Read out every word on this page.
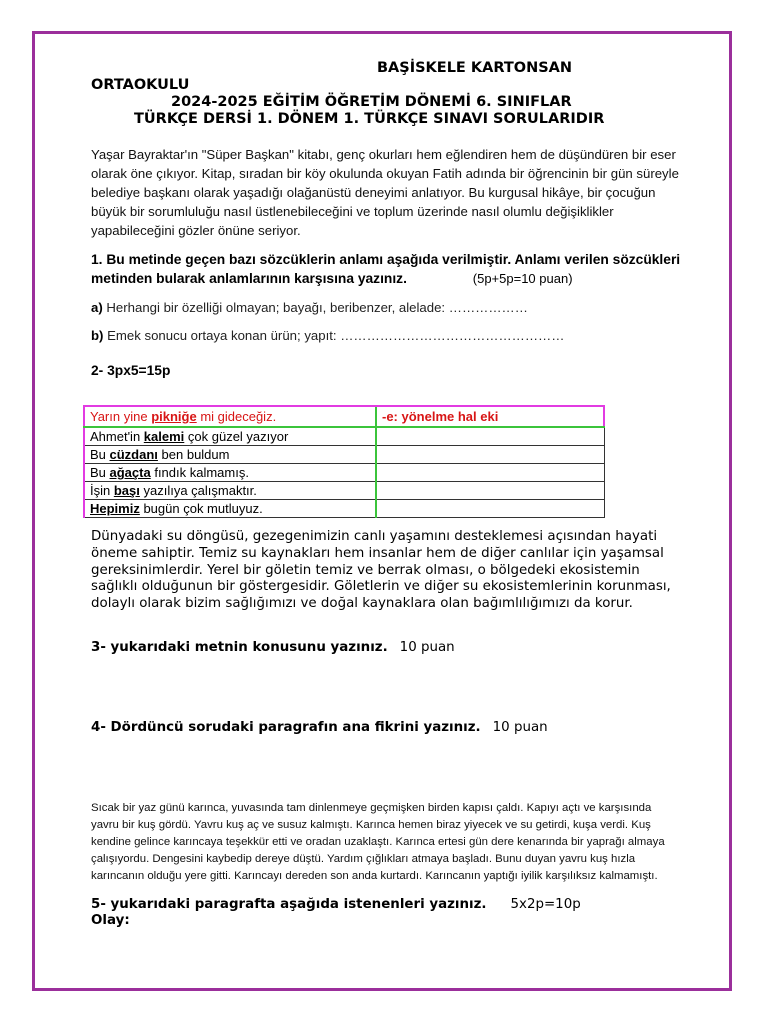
BAŞİSKELE KARTONSAN

ORTAOKULU

2024-2025 EĞİTİM ÖĞRETİM DÖNEMİ 6. SINIFLAR

TÜRKÇE DERSİ 1. DÖNEM 1. TÜRKÇE SINAVI SORULARIDIR

Yaşar Bayraktar'ın "Süper Başkan" kitabı, genç okurları hem eğlendiren hem de düşündüren bir eser olarak öne çıkıyor. Kitap, sıradan bir köy okulunda okuyan Fatih adında bir öğrencinin bir gün süreyle belediye başkanı olarak yaşadığı olağanüstü deneyimi anlatıyor. Bu kurgusal hikâye, bir çocuğun büyük bir sorumluluğu nasıl üstlenebileceğini ve toplum üzerinde nasıl olumlu değişiklikler yapabileceğini gözler önüne seriyor.

1. Bu metinde geçen bazı sözcüklerin anlamı aşağıda verilmiştir. Anlamı verilen sözcükleri metinden bularak anlamlarının karşısına yazınız.	(5p+5p=10 puan)

a) Herhangi bir özelliği olmayan; bayağı, beribenzer, alelade: ………………

b) Emek sonucu ortaya konan ürün; yapıt: ……………………………………………

2- 3px5=15p

Yarın yine pikniğe mi gideceğiz.	-e: yönelme hal eki
Ahmet'in kalemi çok güzel yazıyor	
Bu cüzdanı ben buldum	
Bu ağaçta fındık kalmamış.	
İşin başı yazılıya çalışmaktır.	
Hepimiz bugün çok mutluyuz.	

Dünyadaki su döngüsü, gezegenimizin canlı yaşamını desteklemesi açısından hayati öneme sahiptir. Temiz su kaynakları hem insanlar hem de diğer canlılar için yaşamsal gereksinimlerdir. Yerel bir göletin temiz ve berrak olması, o bölgedeki ekosistemin sağlıklı olduğunun bir göstergesidir. Göletlerin ve diğer su ekosistemlerinin korunması, dolaylı olarak bizim sağlığımızı ve doğal kaynaklara olan bağımlılığımızı da korur.

3- yukarıdaki metnin konusunu yazınız. 10 puan

4- Dördüncü sorudaki paragrafın ana fikrini yazınız. 10 puan

Sıcak bir yaz günü karınca, yuvasında tam dinlenmeye geçmişken birden kapısı çaldı. Kapıyı açtı ve karşısında yavru bir kuş gördü. Yavru kuş aç ve susuz kalmıştı. Karınca hemen biraz yiyecek ve su getirdi, kuşa verdi. Kuş kendine gelince karıncaya teşekkür etti ve oradan uzaklaştı. Karınca ertesi gün dere kenarında bir yaprağı almaya çalışıyordu. Dengesini kaybedip dereye düştü. Yardım çığlıkları atmaya başladı. Bunu duyan yavru kuş hızla karıncanın olduğu yere gitti. Karıncayı dereden son anda kurtardı. Karıncanın yaptığı iyilik karşılıksız kalmamıştı.

5- yukarıdaki paragrafta aşağıda istenenleri yazınız. 5x2p=10p

Olay:
